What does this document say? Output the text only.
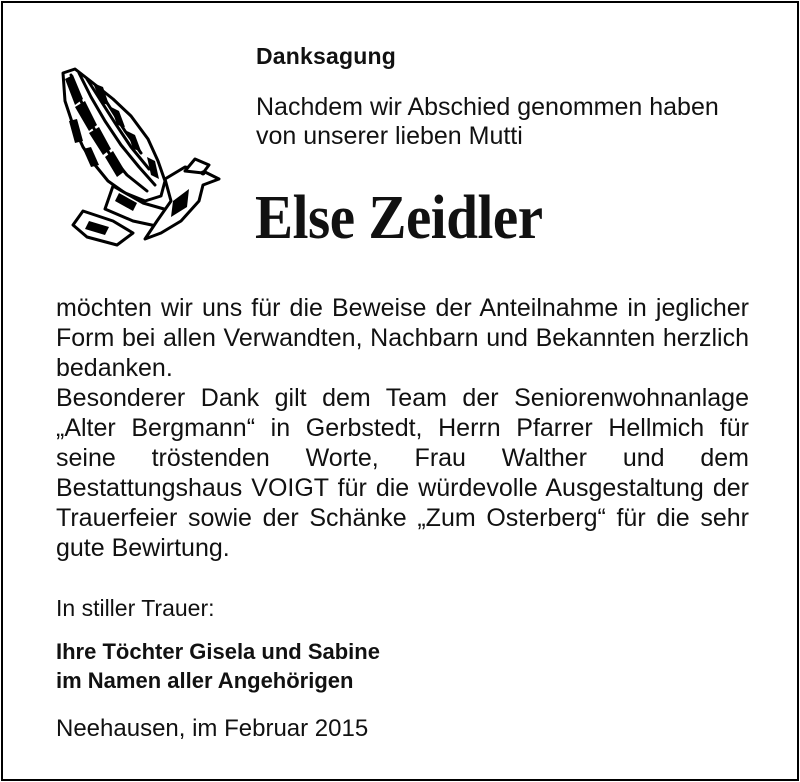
Danksagung
Nachdem wir Abschied genommen haben
von unserer lieben Mutti
Else Zeidler
möchten wir uns für die Beweise der Anteilnahme in jeglicher Form bei allen Verwandten, Nachbarn und Bekannten herzlich bedanken.
Besonderer Dank gilt dem Team der Seniorenwohnanlage „Alter Bergmann“ in Gerbstedt, Herrn Pfarrer Hellmich für seine tröstenden Worte, Frau Walther und dem Bestattungshaus VOIGT für die würdevolle Ausgestaltung der Trauerfeier sowie der Schänke „Zum Osterberg“ für die sehr gute Bewirtung.
In stiller Trauer:
Ihre Töchter Gisela und Sabine
im Namen aller Angehörigen
Neehausen, im Februar 2015
